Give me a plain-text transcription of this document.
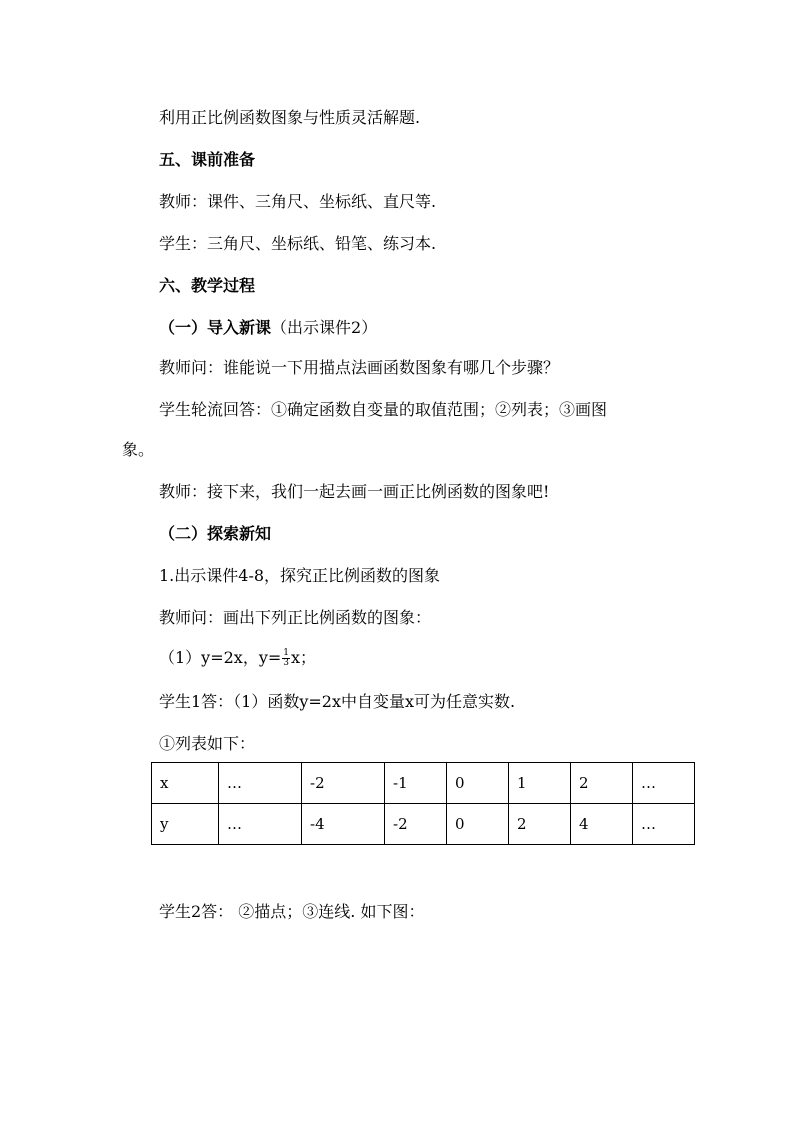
利用正比例函数图象与性质灵活解题.
五、课前准备
教师：课件、三角尺、坐标纸、直尺等.
学生：三角尺、坐标纸、铅笔、练习本.
六、教学过程
（一）导入新课（出示课件2）
教师问：谁能说一下用描点法画函数图象有哪几个步骤？
学生轮流回答：①确定函数自变量的取值范围；②列表；③画图
象。
教师：接下来，我们一起去画一画正比例函数的图象吧!
（二）探索新知
1.出示课件4-8，探究正比例函数的图象
教师问：画出下列正比例函数的图象：
（1）y=2x，$y= \frac{1}{3}$ x；
学生1答：（1）函数y=2x中自变量x可为任意实数.
①列表如下：
x	…	-2	-1	0	1	2	…
y	…	-4	-2	0	2	4	…
学生2答： ②描点；③连线. 如下图：
